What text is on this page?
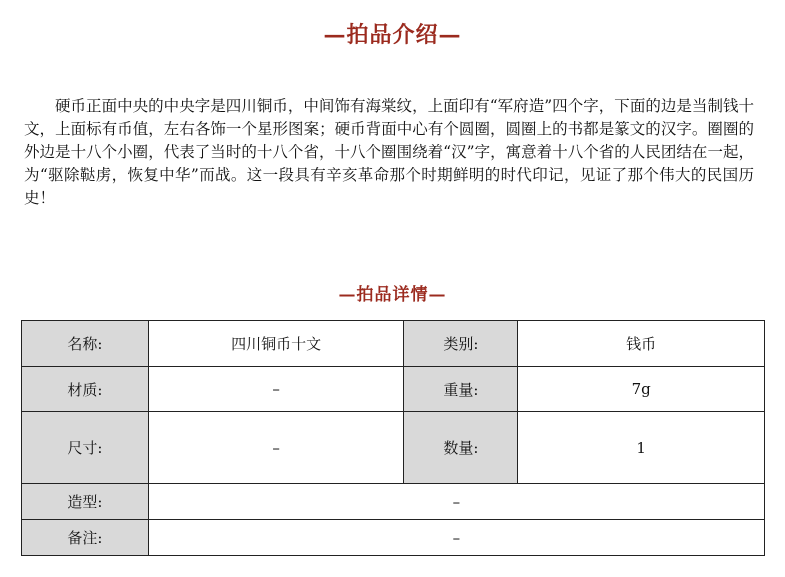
—拍品介绍—

硬币正面中央的中央字是四川铜币，中间饰有海棠纹，上面印有“军府造”四个字，下面的边是当制钱十文，上面标有币值，左右各饰一个星形图案；硬币背面中心有个圆圈，圆圈上的书都是篆文的汉字。圈圈的外边是十八个小圈，代表了当时的十八个省，十八个圈围绕着“汉”字，寓意着十八个省的人民团结在一起，为“驱除鞑虏，恢复中华”而战。这一段具有辛亥革命那个时期鲜明的时代印记，见证了那个伟大的民国历史！

—拍品详情—
名称:	四川铜币十文	类别:	钱币
材质:	–	重量:	7g
尺寸:	–	数量:	1
造型:	–		
备注:	–		
